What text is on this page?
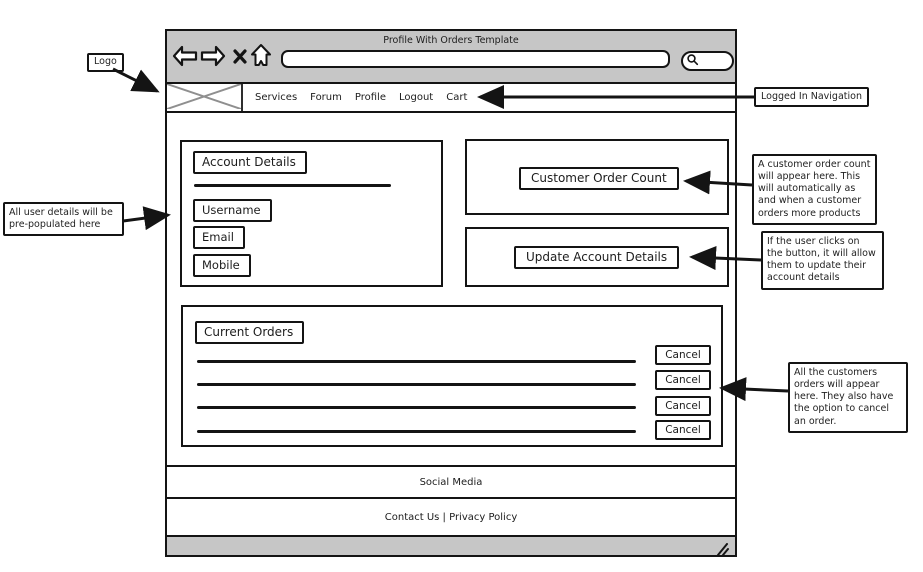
Profile With Orders Template
Services Forum Profile Logout Cart
Account Details
Username
Email
Mobile
Customer Order Count
Update Account Details
Current Orders
Cancel
Cancel
Cancel
Cancel
Social Media
Contact Us | Privacy Policy
Logo
All user details will be pre-populated here
Logged In Navigation
A customer order count will appear here. This will automatically as and when a customer orders more products
If the user clicks on the button, it will allow them to update their account details
All the customers orders will appear here. They also have the option to cancel an order.
